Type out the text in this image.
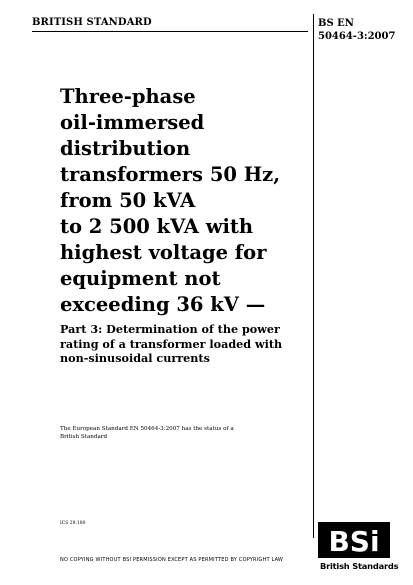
BRITISH STANDARD	BS EN
50464-3:2007
Three-phase
oil-immersed
distribution
transformers 50 Hz,
from 50 kVA
to 2 500 kVA with
highest voltage for
equipment not
exceeding 36 kV —
Part 3: Determination of the power
rating of a transformer loaded with
non-sinusoidal currents
The European Standard EN 50464-3:2007 has the status of a
British Standard
ICS 29.180
NO COPYING WITHOUT BSI PERMISSION EXCEPT AS PERMITTED BY COPYRIGHT LAW
BSi
British Standards
